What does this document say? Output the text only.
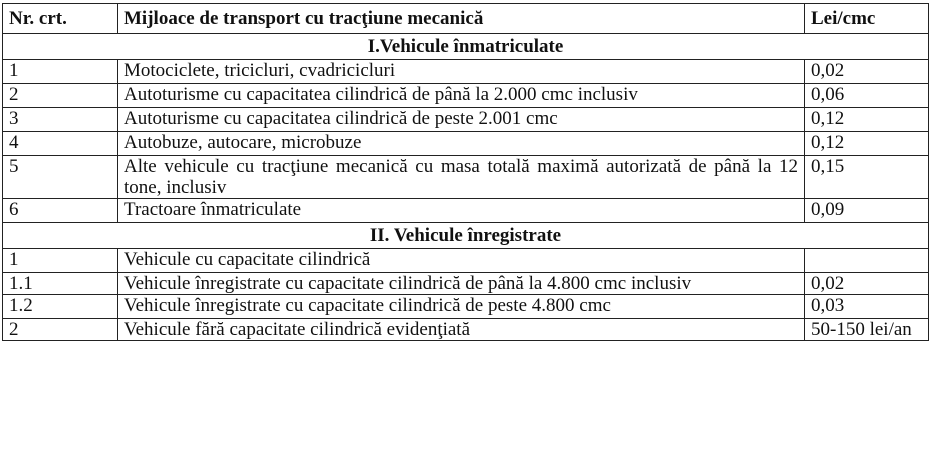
Nr. crt.	Mijloace de transport cu tracţiune mecanică	Lei/cmc
I.Vehicule înmatriculate		
1	Motociclete, tricicluri, cvadricicluri	0,02
2	Autoturisme cu capacitatea cilindrică de până la 2.000 cmc inclusiv	0,06
3	Autoturisme cu capacitatea cilindrică de peste 2.001 cmc	0,12
4	Autobuze, autocare, microbuze	0,12
5	Alte vehicule cu tracţiune mecanică cu masa totală maximă autorizată de până la 12 tone, inclusiv	0,15
6	Tractoare înmatriculate	0,09
II. Vehicule înregistrate		
1	Vehicule cu capacitate cilindrică	
1.1	Vehicule înregistrate cu capacitate cilindrică de până la 4.800 cmc inclusiv	0,02
1.2	Vehicule înregistrate cu capacitate cilindrică de peste 4.800 cmc	0,03
2	Vehicule fără capacitate cilindrică evidenţiată	50-150 lei/an
